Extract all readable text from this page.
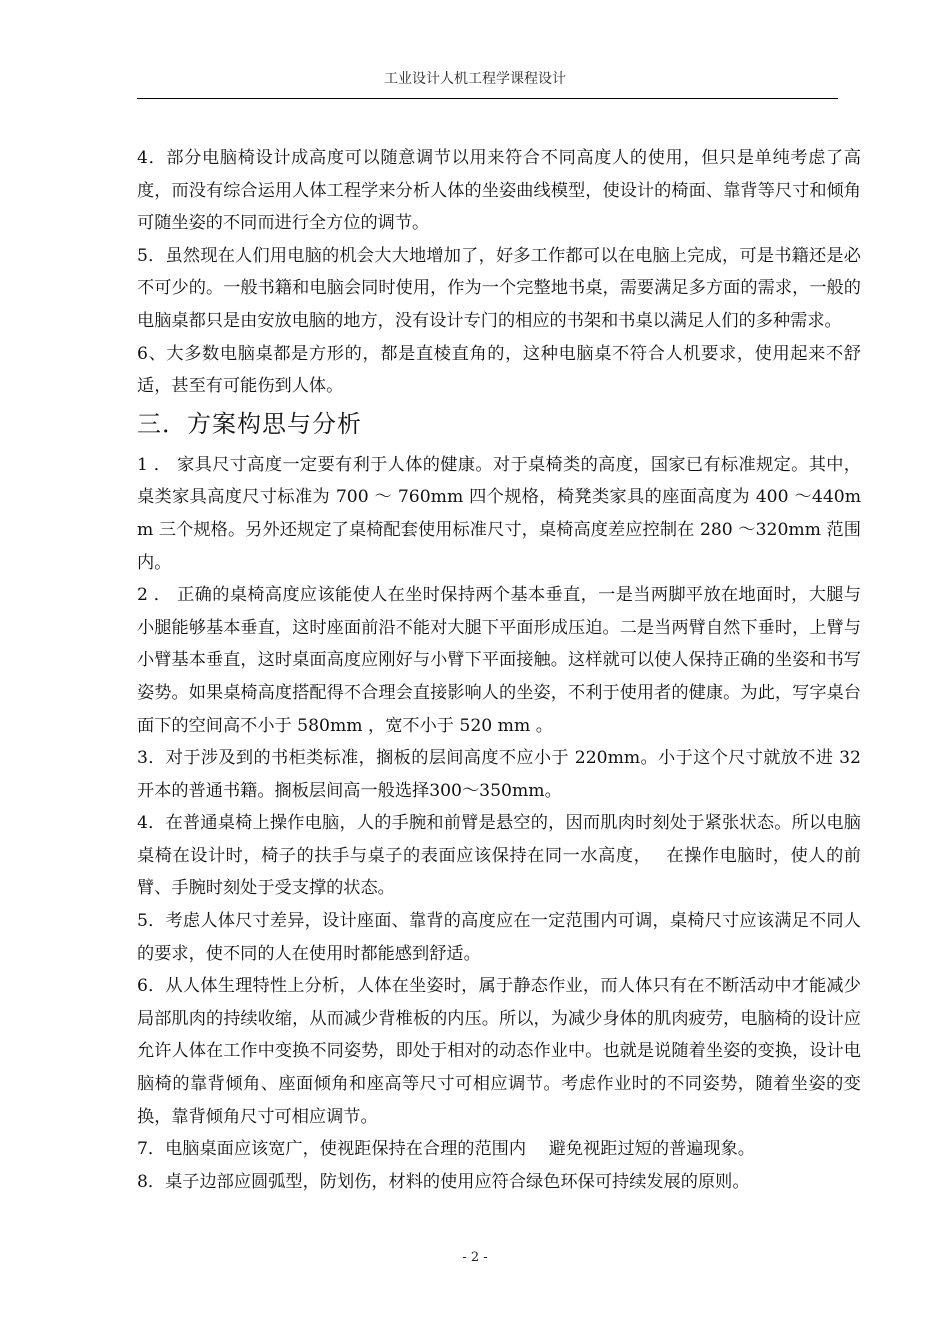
工业设计人机工程学课程设计

4．部分电脑椅设计成高度可以随意调节以用来符合不同高度人的使用，但只是单纯考虑了高度，而没有综合运用人体工程学来分析人体的坐姿曲线模型，使设计的椅面、靠背等尺寸和倾角可随坐姿的不同而进行全方位的调节。

5．虽然现在人们用电脑的机会大大地增加了，好多工作都可以在电脑上完成，可是书籍还是必不可少的。一般书籍和电脑会同时使用，作为一个完整地书桌，需要满足多方面的需求，一般的电脑桌都只是由安放电脑的地方，没有设计专门的相应的书架和书桌以满足人们的多种需求。

6、大多数电脑桌都是方形的，都是直棱直角的，这种电脑桌不符合人机要求，使用起来不舒适，甚至有可能伤到人体。

三．方案构思与分析

1 ． 家具尺寸高度一定要有利于人体的健康。对于桌椅类的高度，国家已有标准规定。其中，桌类家具高度尺寸标准为 700 ～ 760mm 四个规格，椅凳类家具的座面高度为 400 ～440mm 三个规格。另外还规定了桌椅配套使用标准尺寸，桌椅高度差应控制在 280 ～320mm 范围内。

2 ． 正确的桌椅高度应该能使人在坐时保持两个基本垂直，一是当两脚平放在地面时，大腿与小腿能够基本垂直，这时座面前沿不能对大腿下平面形成压迫。二是当两臂自然下垂时，上臂与小臂基本垂直，这时桌面高度应刚好与小臂下平面接触。这样就可以使人保持正确的坐姿和书写姿势。如果桌椅高度搭配得不合理会直接影响人的坐姿，不利于使用者的健康。为此，写字桌台面下的空间高不小于 580mm ，宽不小于 520 mm 。

3．对于涉及到的书柜类标准，搁板的层间高度不应小于 220mm。小于这个尺寸就放不进 32 开本的普通书籍。搁板层间高一般选择300～350mm。

4．在普通桌椅上操作电脑，人的手腕和前臂是悬空的，因而肌肉时刻处于紧张状态。所以电脑桌椅在设计时，椅子的扶手与桌子的表面应该保持在同一水高度，　 在操作电脑时，使人的前臂、手腕时刻处于受支撑的状态。

5．考虑人体尺寸差异，设计座面、靠背的高度应在一定范围内可调，桌椅尺寸应该满足不同人的要求，使不同的人在使用时都能感到舒适。

6．从人体生理特性上分析，人体在坐姿时，属于静态作业，而人体只有在不断活动中才能减少局部肌肉的持续收缩，从而减少背椎板的内压。所以，为减少身体的肌肉疲劳，电脑椅的设计应允许人体在工作中变换不同姿势，即处于相对的动态作业中。也就是说随着坐姿的变换，设计电脑椅的靠背倾角、座面倾角和座高等尺寸可相应调节。考虑作业时的不同姿势，随着坐姿的变换，靠背倾角尺寸可相应调节。

7．电脑桌面应该宽广，使视距保持在合理的范围内　 避免视距过短的普遍现象。

8．桌子边部应圆弧型，防划伤，材料的使用应符合绿色环保可持续发展的原则。

- 2 -
